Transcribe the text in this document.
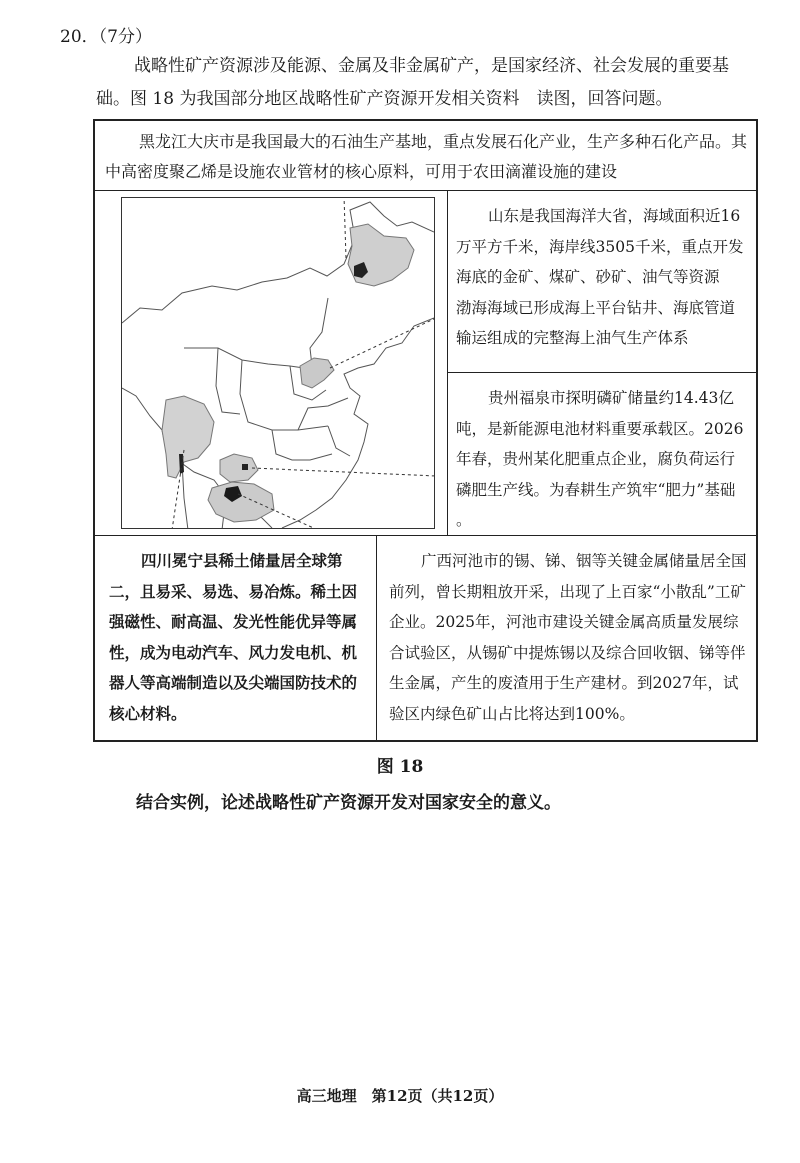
20．（7分）
战略性矿产资源涉及能源、金属及非金属矿产，是国家经济、社会发展的重要基
础。图 18 为我国部分地区战略性矿产资源开发相关资料　读图，回答问题。
黑龙江大庆市是我国最大的石油生产基地，重点发展石化产业，生产多种石化产品。其中高密度聚乙烯是设施农业管材的核心原料，可用于农田滴灌设施的建设
山东是我国海洋大省，海域面积近16万平方千米，海岸线3505千米，重点开发海底的金矿、煤矿、砂矿、油气等资源　渤海海域已形成海上平台钻井、海底管道输运组成的完整海上油气生产体系
贵州福泉市探明磷矿储量约14.43亿吨，是新能源电池材料重要承载区。2026年春，贵州某化肥重点企业，腐负荷运行磷肥生产线。为春耕生产筑牢“肥力”基础 。
四川冕宁县稀土储量居全球第二，且易采、易选、易冶炼。稀土因强磁性、耐高温、发光性能优异等属性，成为电动汽车、风力发电机、机器人等高端制造以及尖端国防技术的核心材料。
广西河池市的锡、锑、铟等关键金属储量居全国前列，曾长期粗放开采，出现了上百家“小散乱”工矿企业。2025年，河池市建设关键金属高质量发展综合试验区，从锡矿中提炼锡以及综合回收铟、锑等伴生金属，产生的废渣用于生产建材。到2027年，试验区内绿色矿山占比将达到100%。
图 18
结合实例，论述战略性矿产资源开发对国家安全的意义。
高三地理　第12页（共12页）
